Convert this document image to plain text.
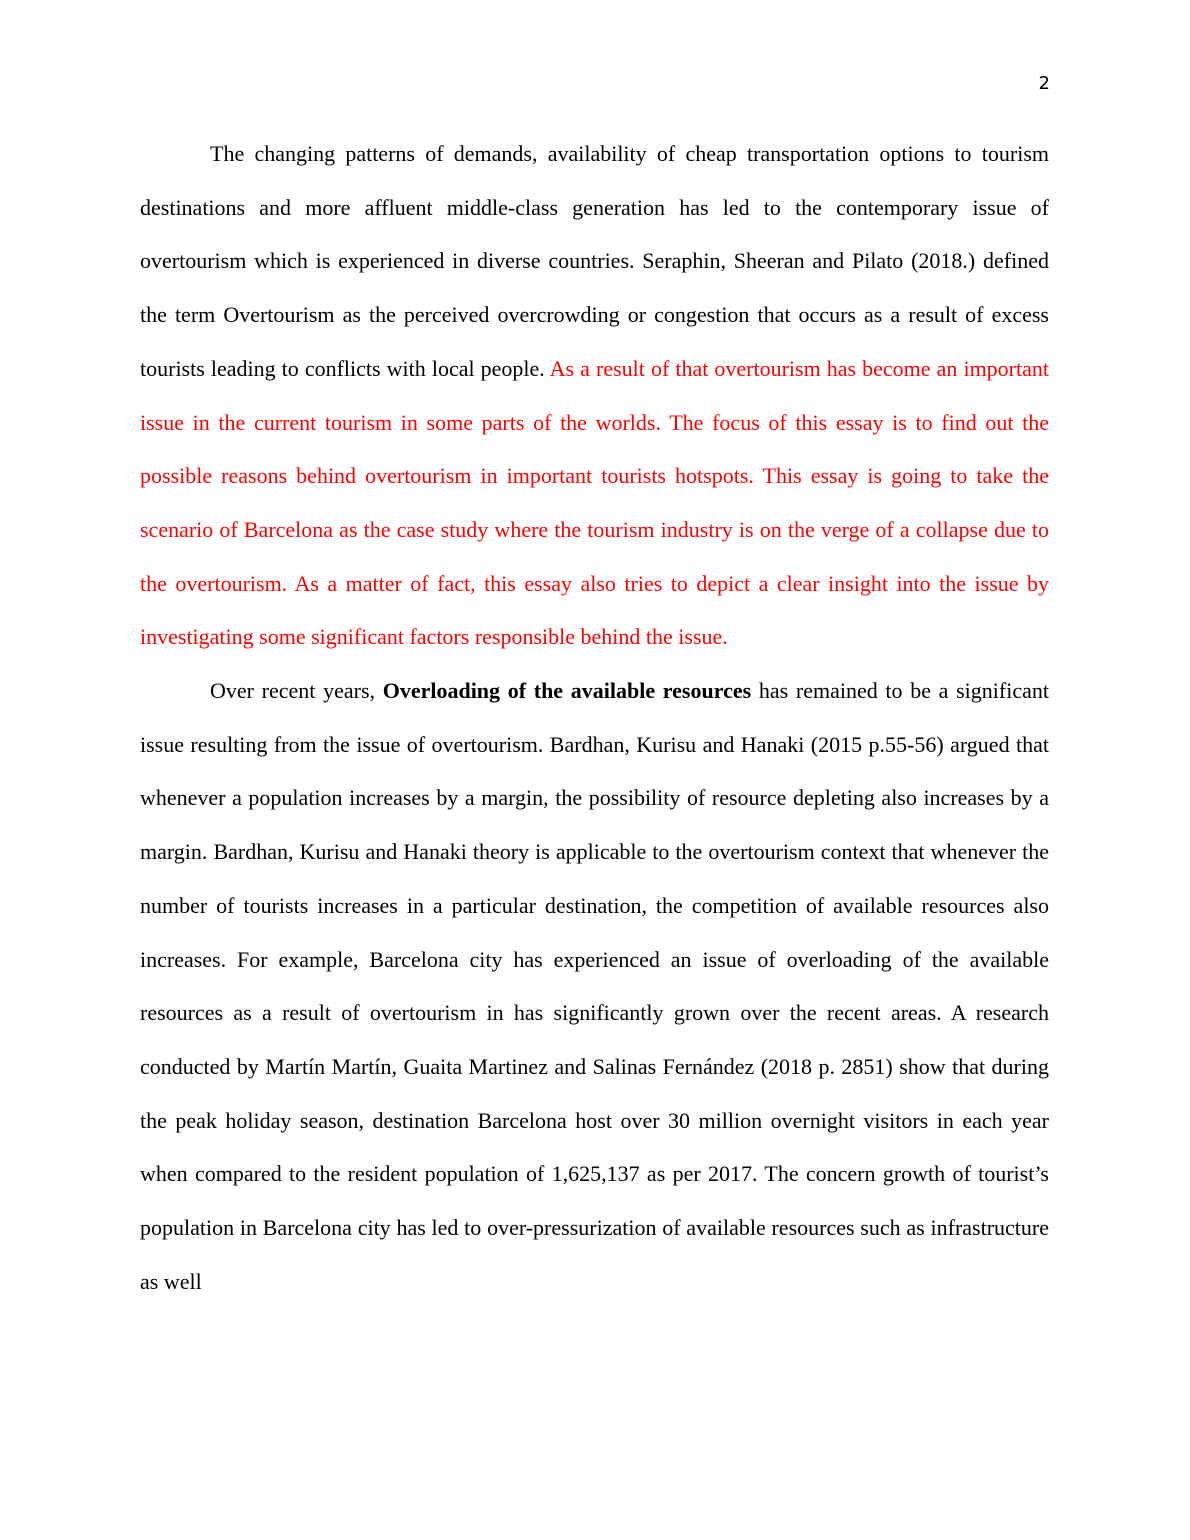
2

The changing patterns of demands, availability of cheap transportation options to tourism destinations and more affluent middle-class generation has led to the contemporary issue of overtourism which is experienced in diverse countries. Seraphin, Sheeran and Pilato (2018.) defined the term Overtourism as the perceived overcrowding or congestion that occurs as a result of excess tourists leading to conflicts with local people. As a result of that overtourism has become an important issue in the current tourism in some parts of the worlds. The focus of this essay is to find out the possible reasons behind overtourism in important tourists hotspots. This essay is going to take the scenario of Barcelona as the case study where the tourism industry is on the verge of a collapse due to the overtourism. As a matter of fact, this essay also tries to depict a clear insight into the issue by investigating some significant factors responsible behind the issue.

Over recent years, Overloading of the available resources has remained to be a significant issue resulting from the issue of overtourism. Bardhan, Kurisu and Hanaki (2015 p.55-56) argued that whenever a population increases by a margin, the possibility of resource depleting also increases by a margin. Bardhan, Kurisu and Hanaki theory is applicable to the overtourism context that whenever the number of tourists increases in a particular destination, the competition of available resources also increases. For example, Barcelona city has experienced an issue of overloading of the available resources as a result of overtourism in has significantly grown over the recent areas. A research conducted by Martín Martín, Guaita Martinez and Salinas Fernández (2018 p. 2851) show that during the peak holiday season, destination Barcelona host over 30 million overnight visitors in each year when compared to the resident population of 1,625,137 as per 2017. The concern growth of tourist’s population in Barcelona city has led to over-pressurization of available resources such as infrastructure as well
